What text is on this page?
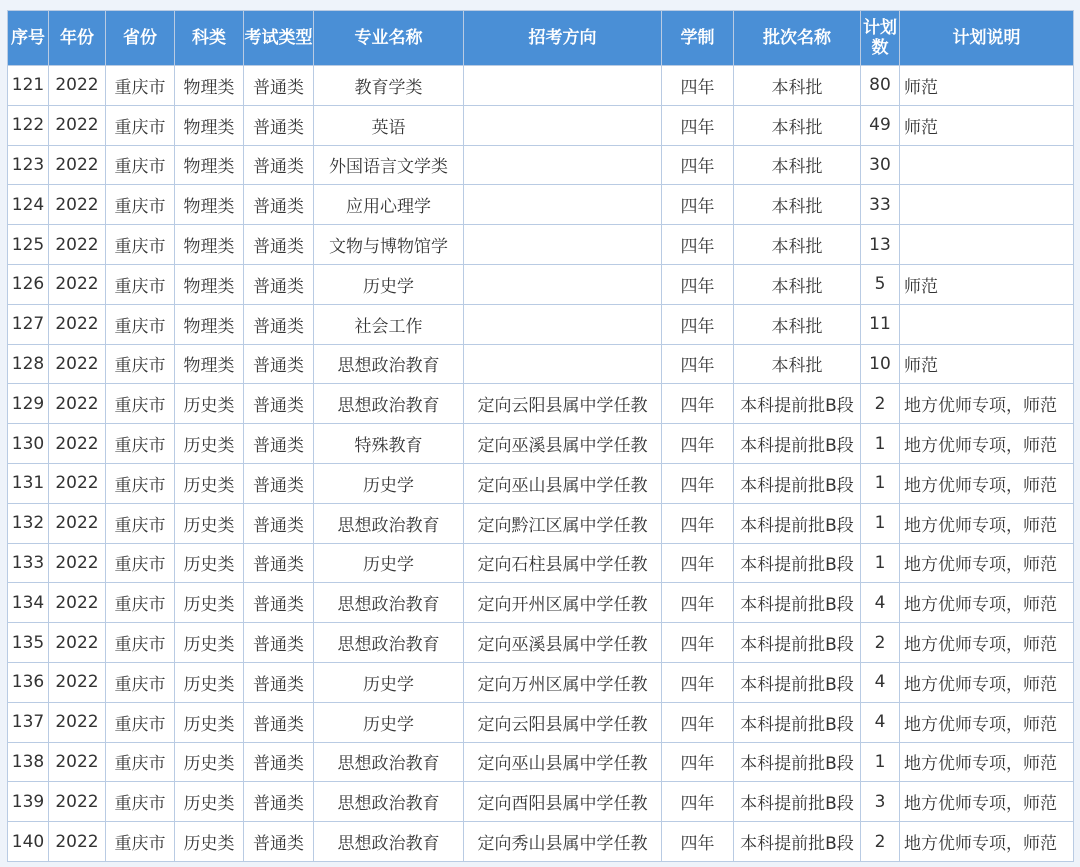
序号	年份	省份	科类	考试类型	专业名称	招考方向	学制	批次名称	计划数	计划说明
121	2022	重庆市	物理类	普通类	教育学类		四年	本科批	80	师范
122	2022	重庆市	物理类	普通类	英语		四年	本科批	49	师范
123	2022	重庆市	物理类	普通类	外国语言文学类		四年	本科批	30	
124	2022	重庆市	物理类	普通类	应用心理学		四年	本科批	33	
125	2022	重庆市	物理类	普通类	文物与博物馆学		四年	本科批	13	
126	2022	重庆市	物理类	普通类	历史学		四年	本科批	5	师范
127	2022	重庆市	物理类	普通类	社会工作		四年	本科批	11	
128	2022	重庆市	物理类	普通类	思想政治教育		四年	本科批	10	师范
129	2022	重庆市	历史类	普通类	思想政治教育	定向云阳县属中学任教	四年	本科提前批B段	2	地方优师专项，师范
130	2022	重庆市	历史类	普通类	特殊教育	定向巫溪县属中学任教	四年	本科提前批B段	1	地方优师专项，师范
131	2022	重庆市	历史类	普通类	历史学	定向巫山县属中学任教	四年	本科提前批B段	1	地方优师专项，师范
132	2022	重庆市	历史类	普通类	思想政治教育	定向黔江区属中学任教	四年	本科提前批B段	1	地方优师专项，师范
133	2022	重庆市	历史类	普通类	历史学	定向石柱县属中学任教	四年	本科提前批B段	1	地方优师专项，师范
134	2022	重庆市	历史类	普通类	思想政治教育	定向开州区属中学任教	四年	本科提前批B段	4	地方优师专项，师范
135	2022	重庆市	历史类	普通类	思想政治教育	定向巫溪县属中学任教	四年	本科提前批B段	2	地方优师专项，师范
136	2022	重庆市	历史类	普通类	历史学	定向万州区属中学任教	四年	本科提前批B段	4	地方优师专项，师范
137	2022	重庆市	历史类	普通类	历史学	定向云阳县属中学任教	四年	本科提前批B段	4	地方优师专项，师范
138	2022	重庆市	历史类	普通类	思想政治教育	定向巫山县属中学任教	四年	本科提前批B段	1	地方优师专项，师范
139	2022	重庆市	历史类	普通类	思想政治教育	定向酉阳县属中学任教	四年	本科提前批B段	3	地方优师专项，师范
140	2022	重庆市	历史类	普通类	思想政治教育	定向秀山县属中学任教	四年	本科提前批B段	2	地方优师专项，师范
